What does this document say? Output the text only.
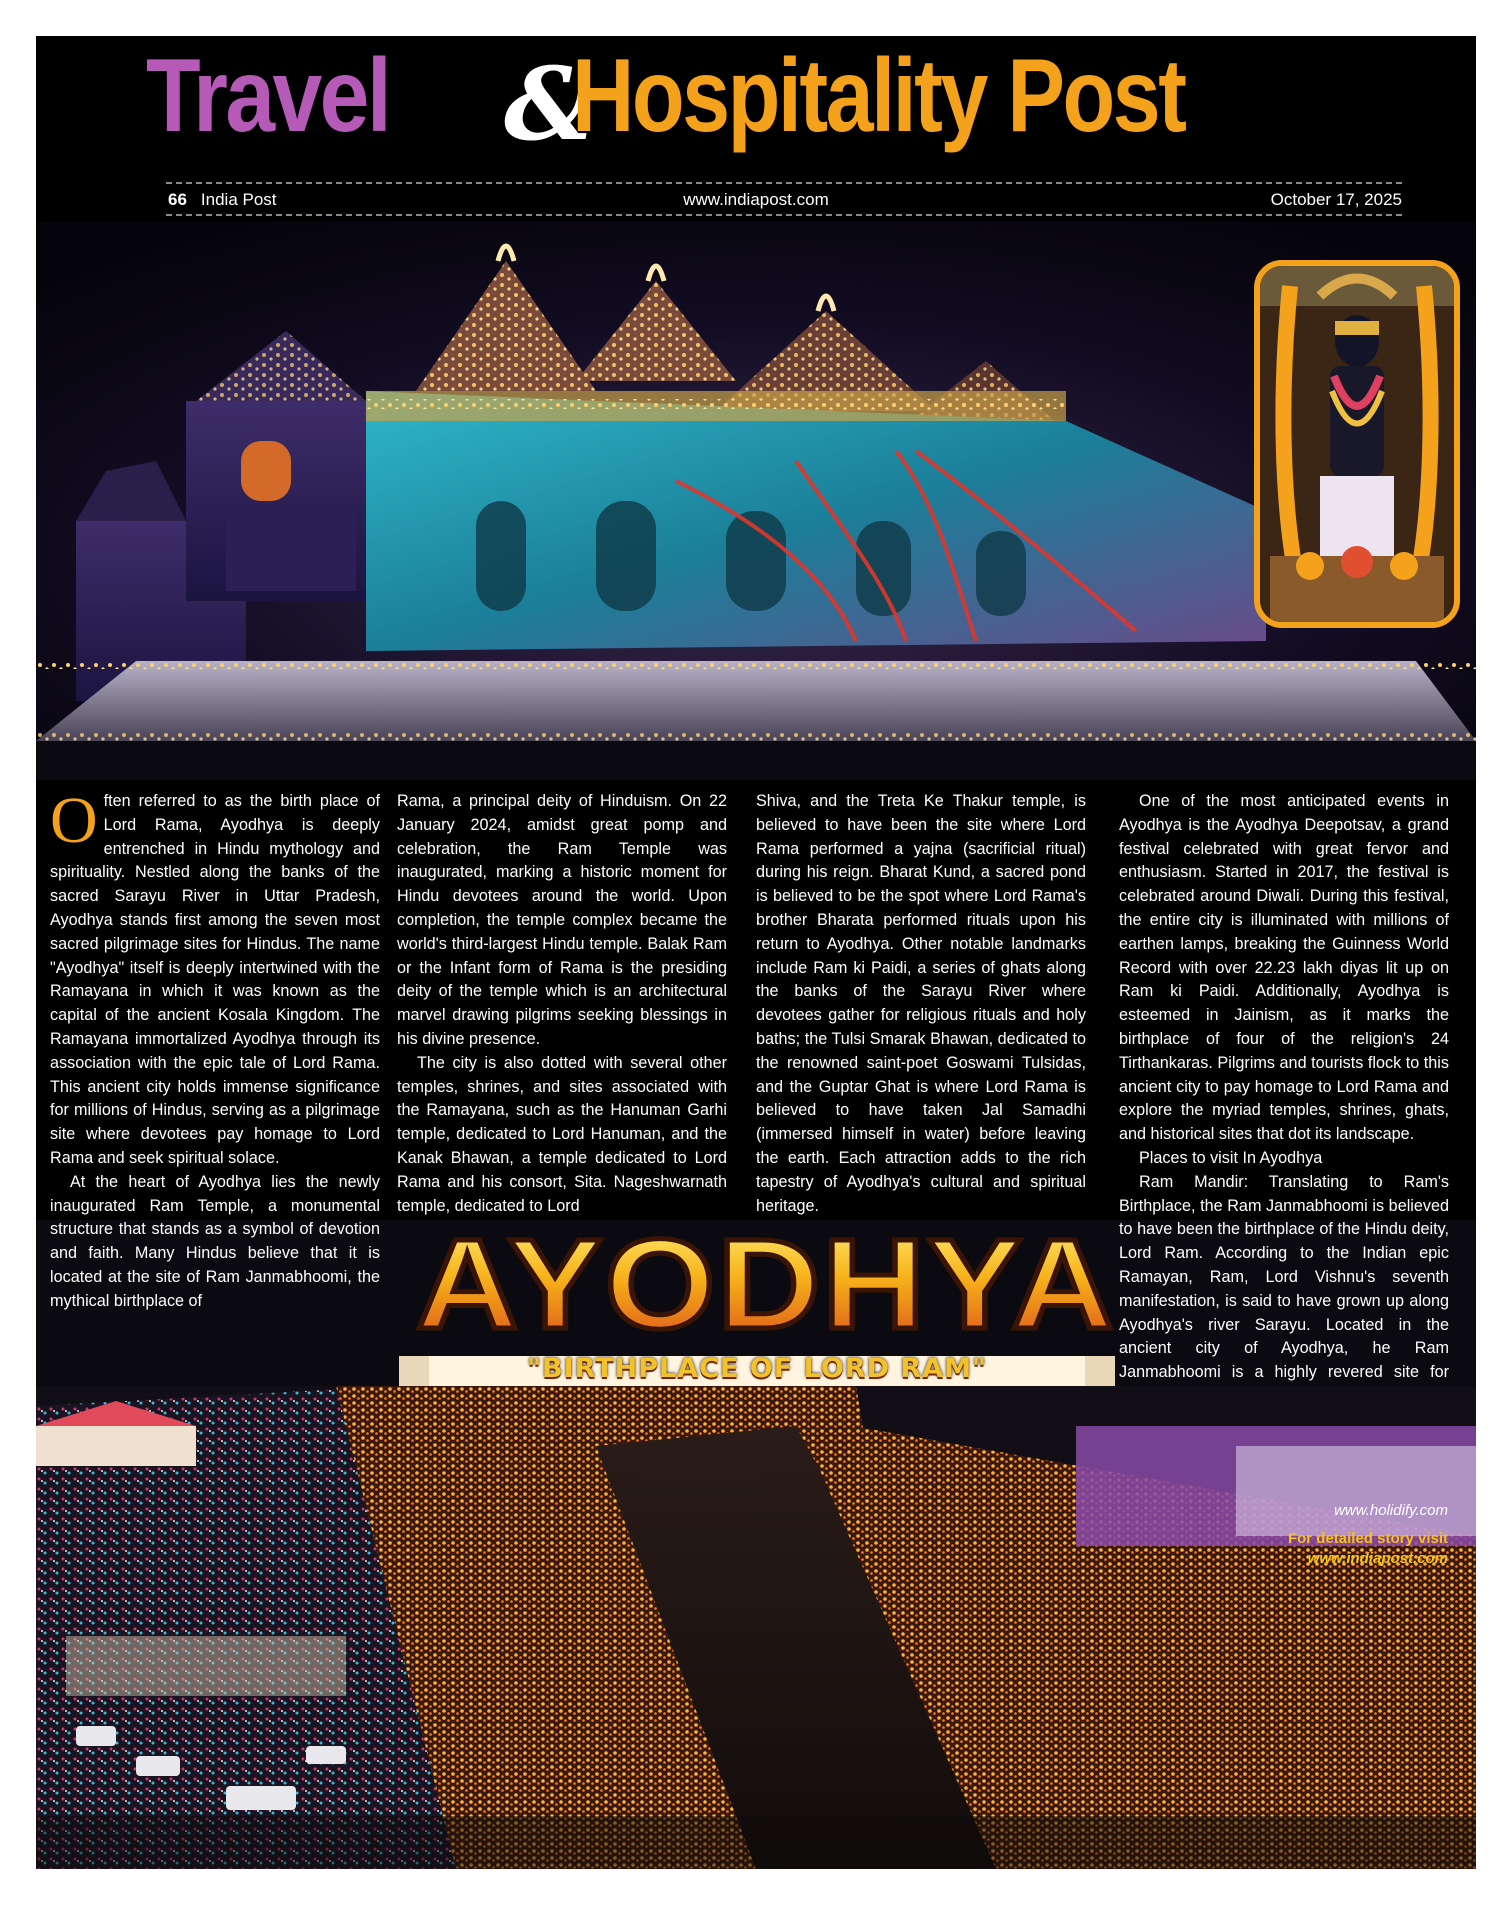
Travel &
Hospitality Post
66 India Post	www.indiapost.com	October 17, 2025

Often referred to as the birth place of Lord Rama, Ayodhya is deeply entrenched in Hindu mythology and spirituality. Nestled along the banks of the sacred Sarayu River in Uttar Pradesh, Ayodhya stands first among the seven most sacred pilgrimage sites for Hindus. The name "Ayodhya" itself is deeply intertwined with the Ramayana in which it was known as the capital of the ancient Kosala Kingdom. The Ramayana immortalized Ayodhya through its association with the epic tale of Lord Rama. This ancient city holds immense significance for millions of Hindus, serving as a pilgrimage site where devotees pay homage to Lord Rama and seek spiritual solace.

At the heart of Ayodhya lies the newly inaugurated Ram Temple, a monumental structure that stands as a symbol of devotion and faith. Many Hindus believe that it is located at the site of Ram Janmabhoomi, the mythical birthplace of

Rama, a principal deity of Hinduism. On 22 January 2024, amidst great pomp and celebration, the Ram Temple was inaugurated, marking a historic moment for Hindu devotees around the world. Upon completion, the temple complex became the world's third-largest Hindu temple. Balak Ram or the Infant form of Rama is the presiding deity of the temple which is an architectural marvel drawing pilgrims seeking blessings in his divine presence.

The city is also dotted with several other temples, shrines, and sites associated with the Ramayana, such as the Hanuman Garhi temple, dedicated to Lord Hanuman, and the Kanak Bhawan, a temple dedicated to Lord Rama and his consort, Sita. Nageshwarnath temple, dedicated to Lord

Shiva, and the Treta Ke Thakur temple, is believed to have been the site where Lord Rama performed a yajna (sacrificial ritual) during his reign. Bharat Kund, a sacred pond is believed to be the spot where Lord Rama's brother Bharata performed rituals upon his return to Ayodhya. Other notable landmarks include Ram ki Paidi, a series of ghats along the banks of the Sarayu River where devotees gather for religious rituals and holy baths; the Tulsi Smarak Bhawan, dedicated to the renowned saint-poet Goswami Tulsidas, and the Guptar Ghat is where Lord Rama is believed to have taken Jal Samadhi (immersed himself in water) before leaving the earth. Each attraction adds to the rich tapestry of Ayodhya's cultural and spiritual heritage.

One of the most anticipated events in Ayodhya is the Ayodhya Deepotsav, a grand festival celebrated with great fervor and enthusiasm. Started in 2017, the festival is celebrated around Diwali. During this festival, the entire city is illuminated with millions of earthen lamps, breaking the Guinness World Record with over 22.23 lakh diyas lit up on Ram ki Paidi. Additionally, Ayodhya is esteemed in Jainism, as it marks the birthplace of four of the religion's 24 Tirthankaras. Pilgrims and tourists flock to this ancient city to pay homage to Lord Rama and explore the myriad temples, shrines, ghats, and historical sites that dot its landscape.

Places to visit In Ayodhya

Ram Mandir: Translating to Ram's Birthplace, the Ram Janmabhoomi is believed to have been the birthplace of the Hindu deity, Lord Ram. According to the Indian epic Ramayan, Ram, Lord Vishnu's seventh manifestation, is said to have grown up along Ayodhya's river Sarayu. Located in the ancient city of Ayodhya, he Ram Janmabhoomi is a highly revered site for

AYODHYA
"BIRTHPLACE OF LORD RAM"
www.holidify.com
For detailed story visit
www.indiapost.com
